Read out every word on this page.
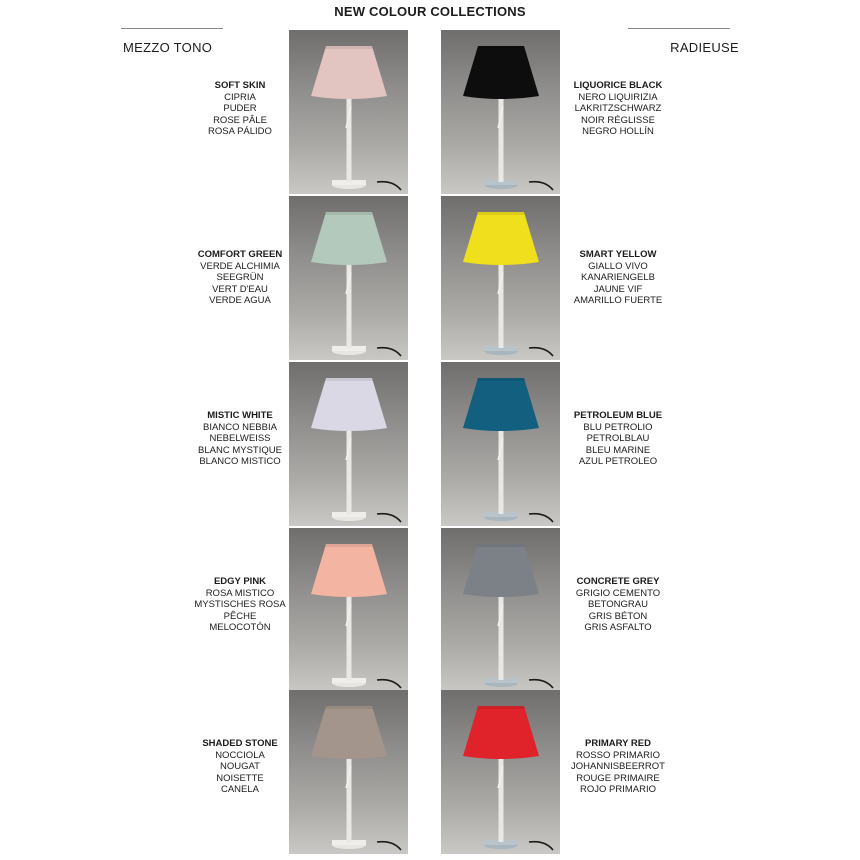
NEW COLOUR COLLECTIONS
MEZZO TONO	RADIEUSE
SOFT SKIN
CIPRIA
PUDER
ROSE PÂLE
ROSA PÁLIDO
LIQUORICE BLACK
NERO LIQUIRIZIA
LAKRITZSCHWARZ
NOIR RÉGLISSE
NEGRO HOLLÍN
COMFORT GREEN
VERDE ALCHIMIA
SEEGRÜN
VERT D'EAU
VERDE AGUA
SMART YELLOW
GIALLO VIVO
KANARIENGELB
JAUNE VIF
AMARILLO FUERTE
MISTIC WHITE
BIANCO NEBBIA
NEBELWEISS
BLANC MYSTIQUE
BLANCO MISTICO
PETROLEUM BLUE
BLU PETROLIO
PETROLBLAU
BLEU MARINE
AZUL PETROLEO
EDGY PINK
ROSA MISTICO
MYSTISCHES ROSA
PÊCHE
MELOCOTÓN
CONCRETE GREY
GRIGIO CEMENTO
BETONGRAU
GRIS BÉTON
GRIS ASFALTO
SHADED STONE
NOCCIOLA
NOUGAT
NOISETTE
CANELA
PRIMARY RED
ROSSO PRIMARIO
JOHANNISBEERROT
ROUGE PRIMAIRE
ROJO PRIMARIO
